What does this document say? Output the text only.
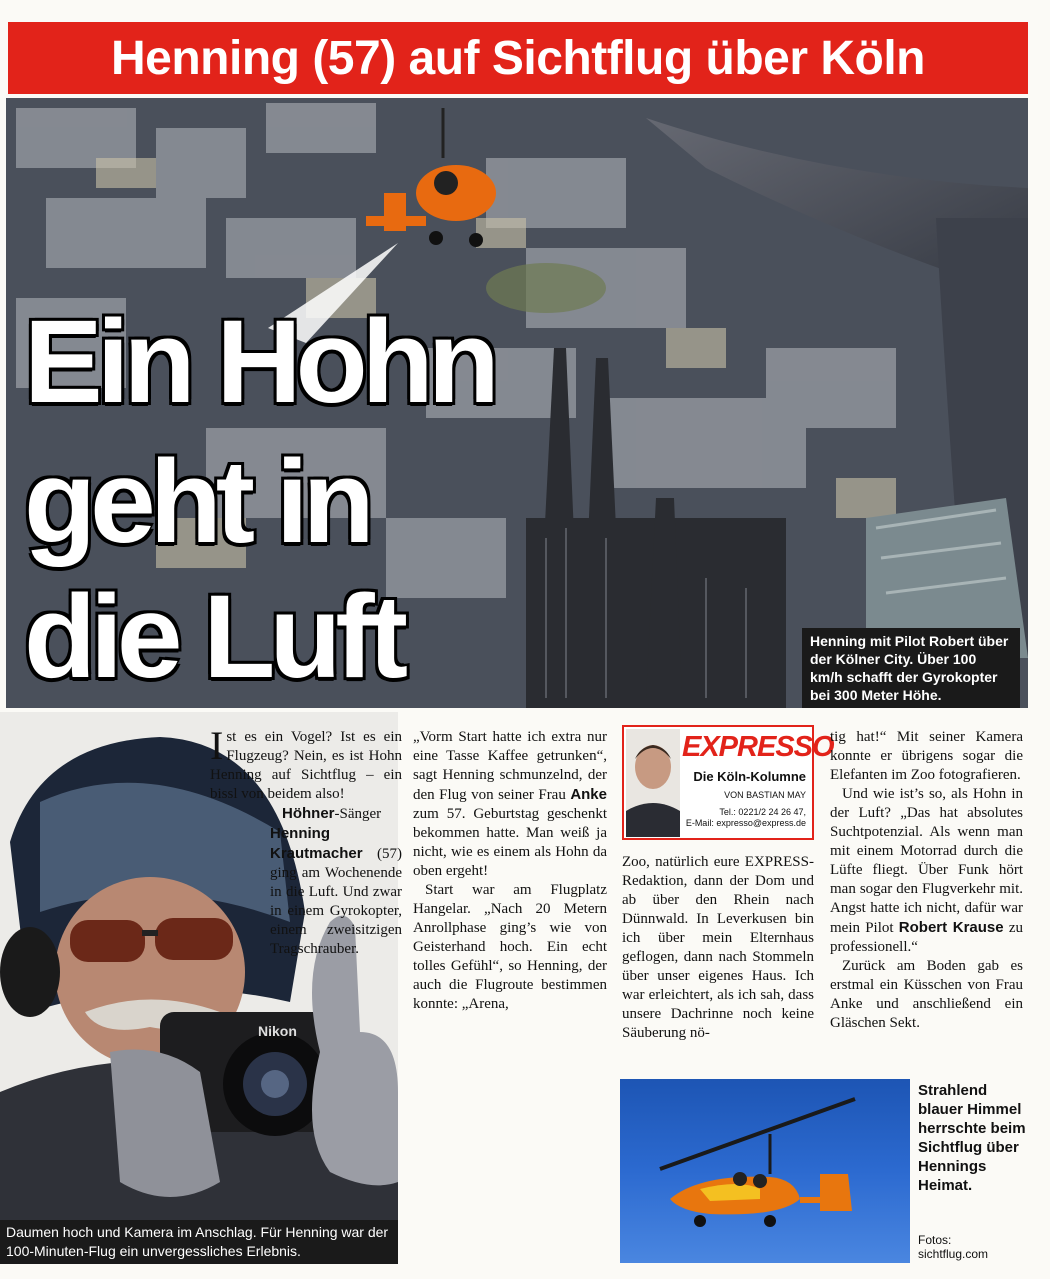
Henning (57) auf Sichtflug über Köln
Ein Hohn
geht in
die Luft	Henning mit Pilot Robert über der Kölner City. Über 100 km/h schafft der Gyrokopter bei 300 Meter Höhe.
Nikon
Daumen hoch und Kamera im Anschlag. Für Henning war der 100-Minuten-Flug ein unvergessliches Erlebnis.

I st es ein Vogel? Ist es ein Flugzeug? Nein, es ist Hohn Henning auf Sichtflug – ein bissl von beidem also!

Höhner-Sänger Henning Krautmacher (57) ging am Wochenende in die Luft. Und zwar in einem Gyrokopter, einem zweisitzigen Tragschrauber.

„Vorm Start hatte ich extra nur eine Tasse Kaffee getrunken“, sagt Henning schmunzelnd, der den Flug von seiner Frau Anke zum 57. Geburtstag geschenkt bekommen hatte. Man weiß ja nicht, wie es einem als Hohn da oben ergeht!

Start war am Flugplatz Hangelar. „Nach 20 Metern Anrollphase ging’s wie von Geisterhand hoch. Ein echt tolles Gefühl“, so Henning, der auch die Flugroute bestimmen konnte: „Arena,

EXPRESSO
Die Köln-Kolumne
VON BASTIAN MAY
Tel.: 0221/2 24 26 47,
E-Mail: expresso@express.de

Zoo, natürlich eure EXPRESS-Redaktion, dann der Dom und ab über den Rhein nach Dünnwald. In Leverkusen bin ich über mein Elternhaus geflogen, dann nach Stommeln über unser eigenes Haus. Ich war erleichtert, als ich sah, dass unsere Dachrinne noch keine Säuberung nö-

tig hat!“ Mit seiner Kamera konnte er übrigens sogar die Elefanten im Zoo fotografieren.

Und wie ist’s so, als Hohn in der Luft? „Das hat absolutes Suchtpotenzial. Als wenn man mit einem Motorrad durch die Lüfte fliegt. Über Funk hört man sogar den Flugverkehr mit. Angst hatte ich nicht, dafür war mein Pilot Robert Krause zu professionell.“

Zurück am Boden gab es erstmal ein Küsschen von Frau Anke und anschließend ein Gläschen Sekt.

Strahlend blauer Himmel herrschte beim Sichtflug über Hennings Heimat.
Fotos:
sichtflug.com
